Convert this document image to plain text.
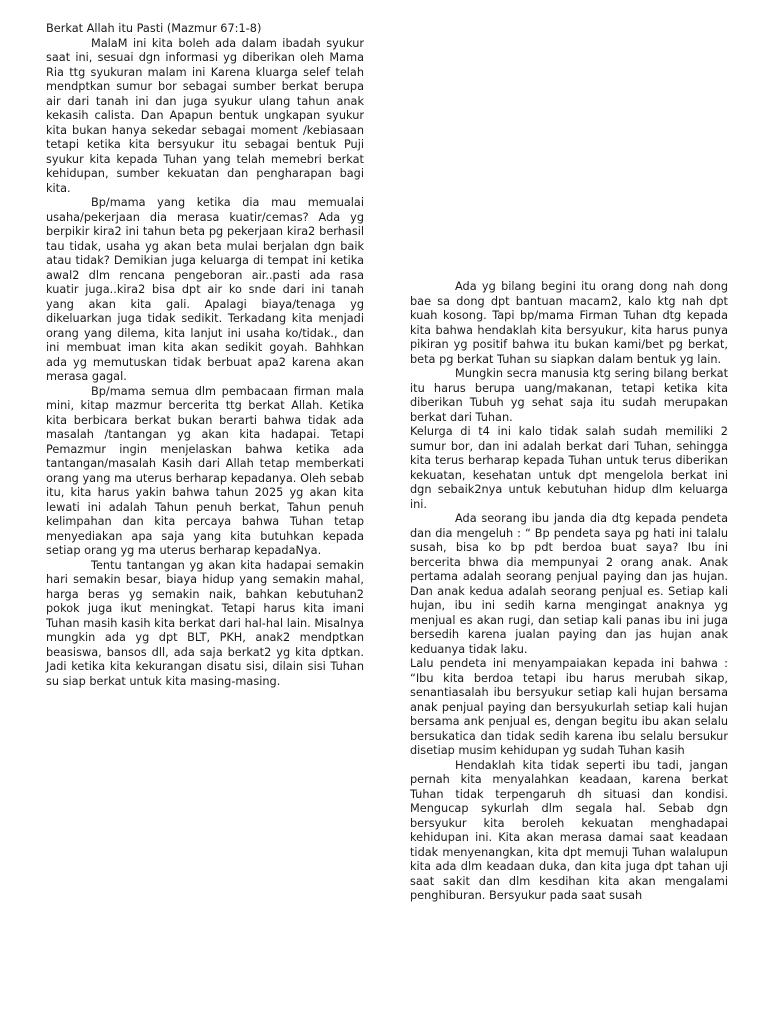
Berkat Allah itu Pasti (Mazmur 67:1-8)

MalaM ini kita boleh ada dalam ibadah syukur saat ini, sesuai dgn informasi yg diberikan oleh Mama Ria ttg syukuran malam ini Karena kluarga selef telah mendptkan sumur bor sebagai sumber berkat berupa air dari tanah ini dan juga syukur ulang tahun anak kekasih calista. Dan Apapun bentuk ungkapan syukur kita bukan hanya sekedar sebagai moment /kebiasaan tetapi ketika kita bersyukur itu sebagai bentuk Puji syukur kita kepada Tuhan yang telah memebri berkat kehidupan, sumber kekuatan dan pengharapan bagi kita.

Bp/mama yang ketika dia mau memualai usaha/pekerjaan dia merasa kuatir/cemas? Ada yg berpikir kira2 ini tahun beta pg pekerjaan kira2 berhasil tau tidak, usaha yg akan beta mulai berjalan dgn baik atau tidak? Demikian juga keluarga di tempat ini ketika awal2 dlm rencana pengeboran air..pasti ada rasa kuatir juga..kira2 bisa dpt air ko snde dari ini tanah yang akan kita gali. Apalagi biaya/tenaga yg dikeluarkan juga tidak sedikit. Terkadang kita menjadi orang yang dilema, kita lanjut ini usaha ko/tidak., dan ini membuat iman kita akan sedikit goyah. Bahhkan ada yg memutuskan tidak berbuat apa2 karena akan merasa gagal.

Bp/mama semua dlm pembacaan firman mala mini, kitap mazmur bercerita ttg berkat Allah. Ketika kita berbicara berkat bukan berarti bahwa tidak ada masalah /tantangan yg akan kita hadapai. Tetapi Pemazmur ingin menjelaskan bahwa ketika ada tantangan/masalah Kasih dari Allah tetap memberkati orang yang ma uterus berharap kepadanya. Oleh sebab itu, kita harus yakin bahwa tahun 2025 yg akan kita lewati ini adalah Tahun penuh berkat, Tahun penuh kelimpahan dan kita percaya bahwa Tuhan tetap menyediakan apa saja yang kita butuhkan kepada setiap orang yg ma uterus berharap kepadaNya.

Tentu tantangan yg akan kita hadapai semakin hari semakin besar, biaya hidup yang semakin mahal, harga beras yg semakin naik, bahkan kebutuhan2 pokok juga ikut meningkat. Tetapi harus kita imani Tuhan masih kasih kita berkat dari hal-hal lain. Misalnya mungkin ada yg dpt BLT, PKH, anak2 mendptkan beasiswa, bansos dll, ada saja berkat2 yg kita dptkan. Jadi ketika kita kekurangan disatu sisi, dilain sisi Tuhan su siap berkat untuk kita masing-masing.

Ada yg bilang begini itu orang dong nah dong bae sa dong dpt bantuan macam2, kalo ktg nah dpt kuah kosong. Tapi bp/mama Firman Tuhan dtg kepada kita bahwa hendaklah kita bersyukur, kita harus punya pikiran yg positif bahwa itu bukan kami/bet pg berkat, beta pg berkat Tuhan su siapkan dalam bentuk yg lain.

Mungkin secra manusia ktg sering bilang berkat itu harus berupa uang/makanan, tetapi ketika kita diberikan Tubuh yg sehat saja itu sudah merupakan berkat dari Tuhan.

Kelurga di t4 ini kalo tidak salah sudah memiliki 2 sumur bor, dan ini adalah berkat dari Tuhan, sehingga kita terus berharap kepada Tuhan untuk terus diberikan kekuatan, kesehatan untuk dpt mengelola berkat ini dgn sebaik2nya untuk kebutuhan hidup dlm keluarga ini.

Ada seorang ibu janda dia dtg kepada pendeta dan dia mengeluh : “ Bp pendeta saya pg hati ini talalu susah, bisa ko bp pdt berdoa buat saya? Ibu ini bercerita bhwa dia mempunyai 2 orang anak. Anak pertama adalah seorang penjual paying dan jas hujan. Dan anak kedua adalah seorang penjual es. Setiap kali hujan, ibu ini sedih karna mengingat anaknya yg menjual es akan rugi, dan setiap kali panas ibu ini juga bersedih karena jualan paying dan jas hujan anak keduanya tidak laku.

Lalu pendeta ini menyampaiakan kepada ini bahwa : “Ibu kita berdoa tetapi ibu harus merubah sikap, senantiasalah ibu bersyukur setiap kali hujan bersama anak penjual paying dan bersyukurlah setiap kali hujan bersama ank penjual es, dengan begitu ibu akan selalu bersukatica dan tidak sedih karena ibu selalu bersukur disetiap musim kehidupan yg sudah Tuhan kasih

Hendaklah kita tidak seperti ibu tadi, jangan pernah kita menyalahkan keadaan, karena berkat Tuhan tidak terpengaruh dh situasi dan kondisi. Mengucap sykurlah dlm segala hal. Sebab dgn bersyukur kita beroleh kekuatan menghadapai kehidupan ini. Kita akan merasa damai saat keadaan tidak menyenangkan, kita dpt memuji Tuhan walalupun kita ada dlm keadaan duka, dan kita juga dpt tahan uji saat sakit dan dlm kesdihan kita akan mengalami penghiburan. Bersyukur pada saat susah
